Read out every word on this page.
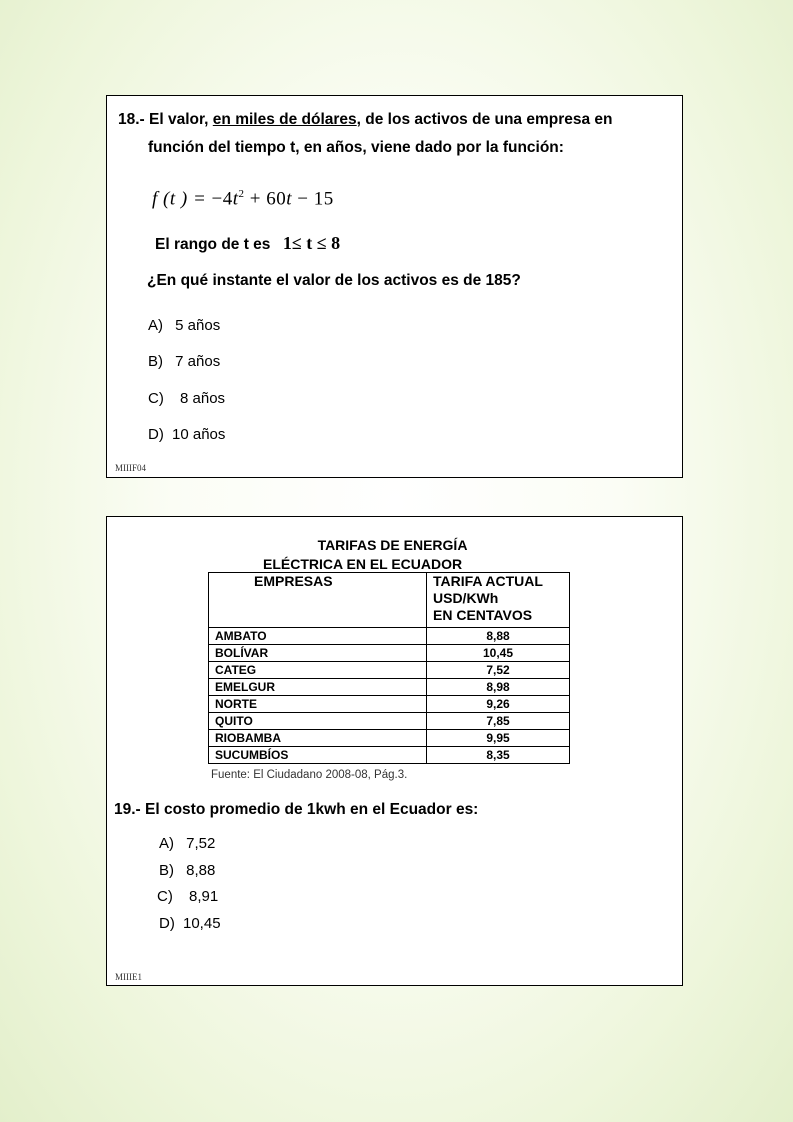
18.- El valor, en miles de dólares, de los activos de una empresa en
función del tiempo t, en años, viene dado por la función:
f (t ) = $-4t^2 + 60t - 15$
El rango de t es 1≤ t ≤ 8
¿En qué instante el valor de los activos es de 185?
A) 5 años
B) 7 años
C) 8 años
D) 10 años
MIIIF04
TARIFAS DE ENERGÍA
ELÉCTRICA EN EL ECUADOR
EMPRESAS	TARIFA ACTUAL
USD/KWh
EN CENTAVOS

AMBATO	8,88
BOLÍVAR	10,45
CATEG	7,52
EMELGUR	8,98
NORTE	9,26
QUITO	7,85
RIOBAMBA	9,95
SUCUMBÍOS	8,35
Fuente: El Ciudadano 2008-08, Pág.3.
19.- El costo promedio de 1kwh en el Ecuador es:
A) 7,52
B) 8,88
C) 8,91
D) 10,45
MIIIE1
